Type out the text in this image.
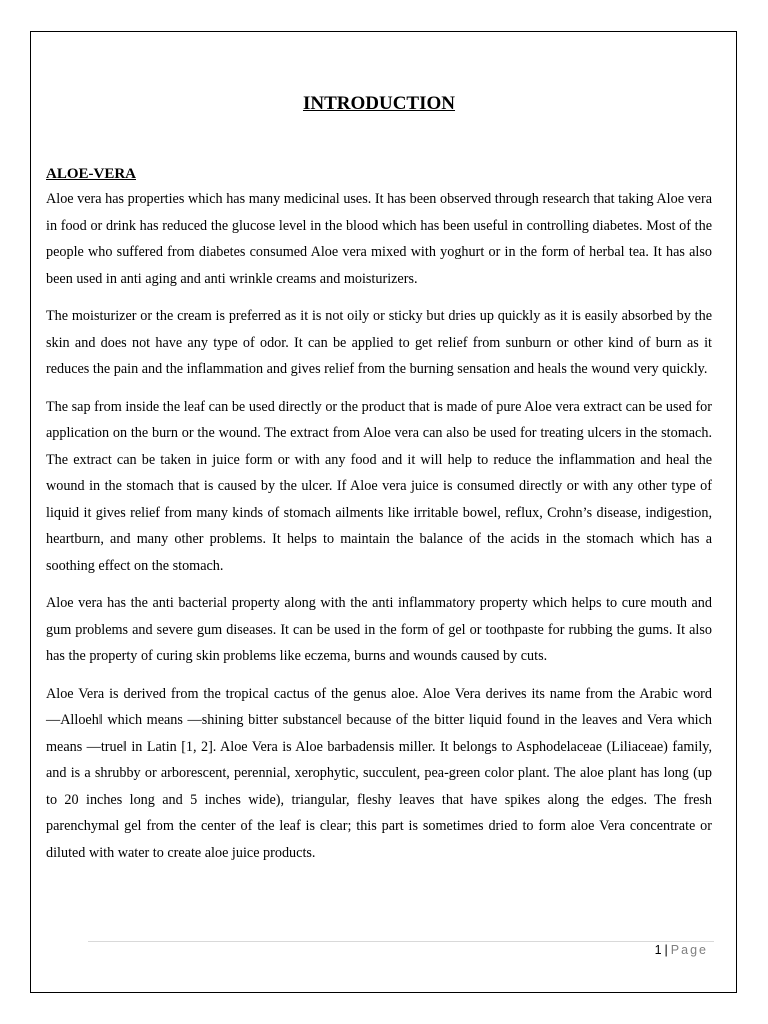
INTRODUCTION
ALOE-VERA

Aloe vera has properties which has many medicinal uses. It has been observed through research that taking Aloe vera in food or drink has reduced the glucose level in the blood which has been useful in controlling diabetes. Most of the people who suffered from diabetes consumed Aloe vera mixed with yoghurt or in the form of herbal tea. It has also been used in anti aging and anti wrinkle creams and moisturizers.

The moisturizer or the cream is preferred as it is not oily or sticky but dries up quickly as it is easily absorbed by the skin and does not have any type of odor. It can be applied to get relief from sunburn or other kind of burn as it reduces the pain and the inflammation and gives relief from the burning sensation and heals the wound very quickly.

The sap from inside the leaf can be used directly or the product that is made of pure Aloe vera extract can be used for application on the burn or the wound. The extract from Aloe vera can also be used for treating ulcers in the stomach. The extract can be taken in juice form or with any food and it will help to reduce the inflammation and heal the wound in the stomach that is caused by the ulcer. If Aloe vera juice is consumed directly or with any other type of liquid it gives relief from many kinds of stomach ailments like irritable bowel, reflux, Crohn’s disease, indigestion, heartburn, and many other problems. It helps to maintain the balance of the acids in the stomach which has a soothing effect on the stomach.

Aloe vera has the anti bacterial property along with the anti inflammatory property which helps to cure mouth and gum problems and severe gum diseases. It can be used in the form of gel or toothpaste for rubbing the gums. It also has the property of curing skin problems like eczema, burns and wounds caused by cuts.

Aloe Vera is derived from the tropical cactus of the genus aloe. Aloe Vera derives its name from the Arabic word ―Alloeh‖ which means ―shining bitter substance‖ because of the bitter liquid found in the leaves and Vera which means ―true‖ in Latin [1, 2]. Aloe Vera is Aloe barbadensis miller. It belongs to Asphodelaceae (Liliaceae) family, and is a shrubby or arborescent, perennial, xerophytic, succulent, pea-green color plant. The aloe plant has long (up to 20 inches long and 5 inches wide), triangular, fleshy leaves that have spikes along the edges. The fresh parenchymal gel from the center of the leaf is clear; this part is sometimes dried to form aloe Vera concentrate or diluted with water to create aloe juice products.

1 | Page
